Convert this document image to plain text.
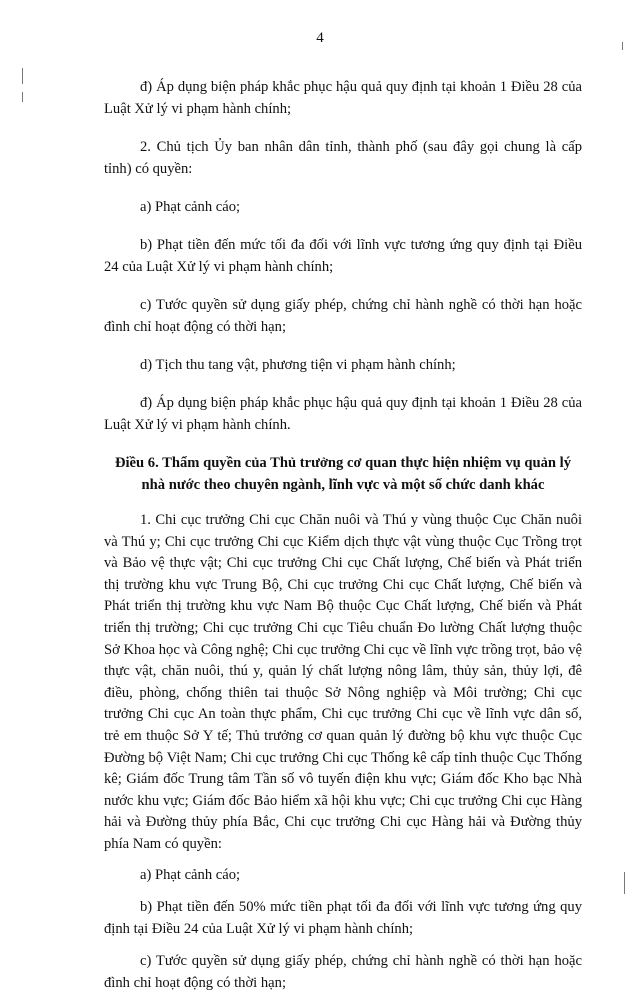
4

đ) Áp dụng biện pháp khắc phục hậu quả quy định tại khoản 1 Điều 28 của Luật Xử lý vi phạm hành chính;

2. Chủ tịch Ủy ban nhân dân tỉnh, thành phố (sau đây gọi chung là cấp tỉnh) có quyền:

a) Phạt cảnh cáo;

b) Phạt tiền đến mức tối đa đối với lĩnh vực tương ứng quy định tại Điều 24 của Luật Xử lý vi phạm hành chính;

c) Tước quyền sử dụng giấy phép, chứng chỉ hành nghề có thời hạn hoặc đình chỉ hoạt động có thời hạn;

d) Tịch thu tang vật, phương tiện vi phạm hành chính;

đ) Áp dụng biện pháp khắc phục hậu quả quy định tại khoản 1 Điều 28 của Luật Xử lý vi phạm hành chính.

Điều 6. Thẩm quyền của Thủ trưởng cơ quan thực hiện nhiệm vụ quản lý nhà nước theo chuyên ngành, lĩnh vực và một số chức danh khác

1. Chi cục trưởng Chi cục Chăn nuôi và Thú y vùng thuộc Cục Chăn nuôi và Thú y; Chi cục trưởng Chi cục Kiểm dịch thực vật vùng thuộc Cục Trồng trọt và Bảo vệ thực vật; Chi cục trưởng Chi cục Chất lượng, Chế biến và Phát triển thị trường khu vực Trung Bộ, Chi cục trưởng Chi cục Chất lượng, Chế biến và Phát triển thị trường khu vực Nam Bộ thuộc Cục Chất lượng, Chế biến và Phát triển thị trường; Chi cục trưởng Chi cục Tiêu chuẩn Đo lường Chất lượng thuộc Sở Khoa học và Công nghệ; Chi cục trưởng Chi cục về lĩnh vực trồng trọt, bảo vệ thực vật, chăn nuôi, thú y, quản lý chất lượng nông lâm, thủy sản, thủy lợi, đê điều, phòng, chống thiên tai thuộc Sở Nông nghiệp và Môi trường; Chi cục trưởng Chi cục An toàn thực phẩm, Chi cục trưởng Chi cục về lĩnh vực dân số, trẻ em thuộc Sở Y tế; Thủ trưởng cơ quan quản lý đường bộ khu vực thuộc Cục Đường bộ Việt Nam; Chi cục trưởng Chi cục Thống kê cấp tỉnh thuộc Cục Thống kê; Giám đốc Trung tâm Tần số vô tuyến điện khu vực; Giám đốc Kho bạc Nhà nước khu vực; Giám đốc Bảo hiểm xã hội khu vực; Chi cục trưởng Chi cục Hàng hải và Đường thủy phía Bắc, Chi cục trưởng Chi cục Hàng hải và Đường thủy phía Nam có quyền:

a) Phạt cảnh cáo;

b) Phạt tiền đến 50% mức tiền phạt tối đa đối với lĩnh vực tương ứng quy định tại Điều 24 của Luật Xử lý vi phạm hành chính;

c) Tước quyền sử dụng giấy phép, chứng chỉ hành nghề có thời hạn hoặc đình chỉ hoạt động có thời hạn;
